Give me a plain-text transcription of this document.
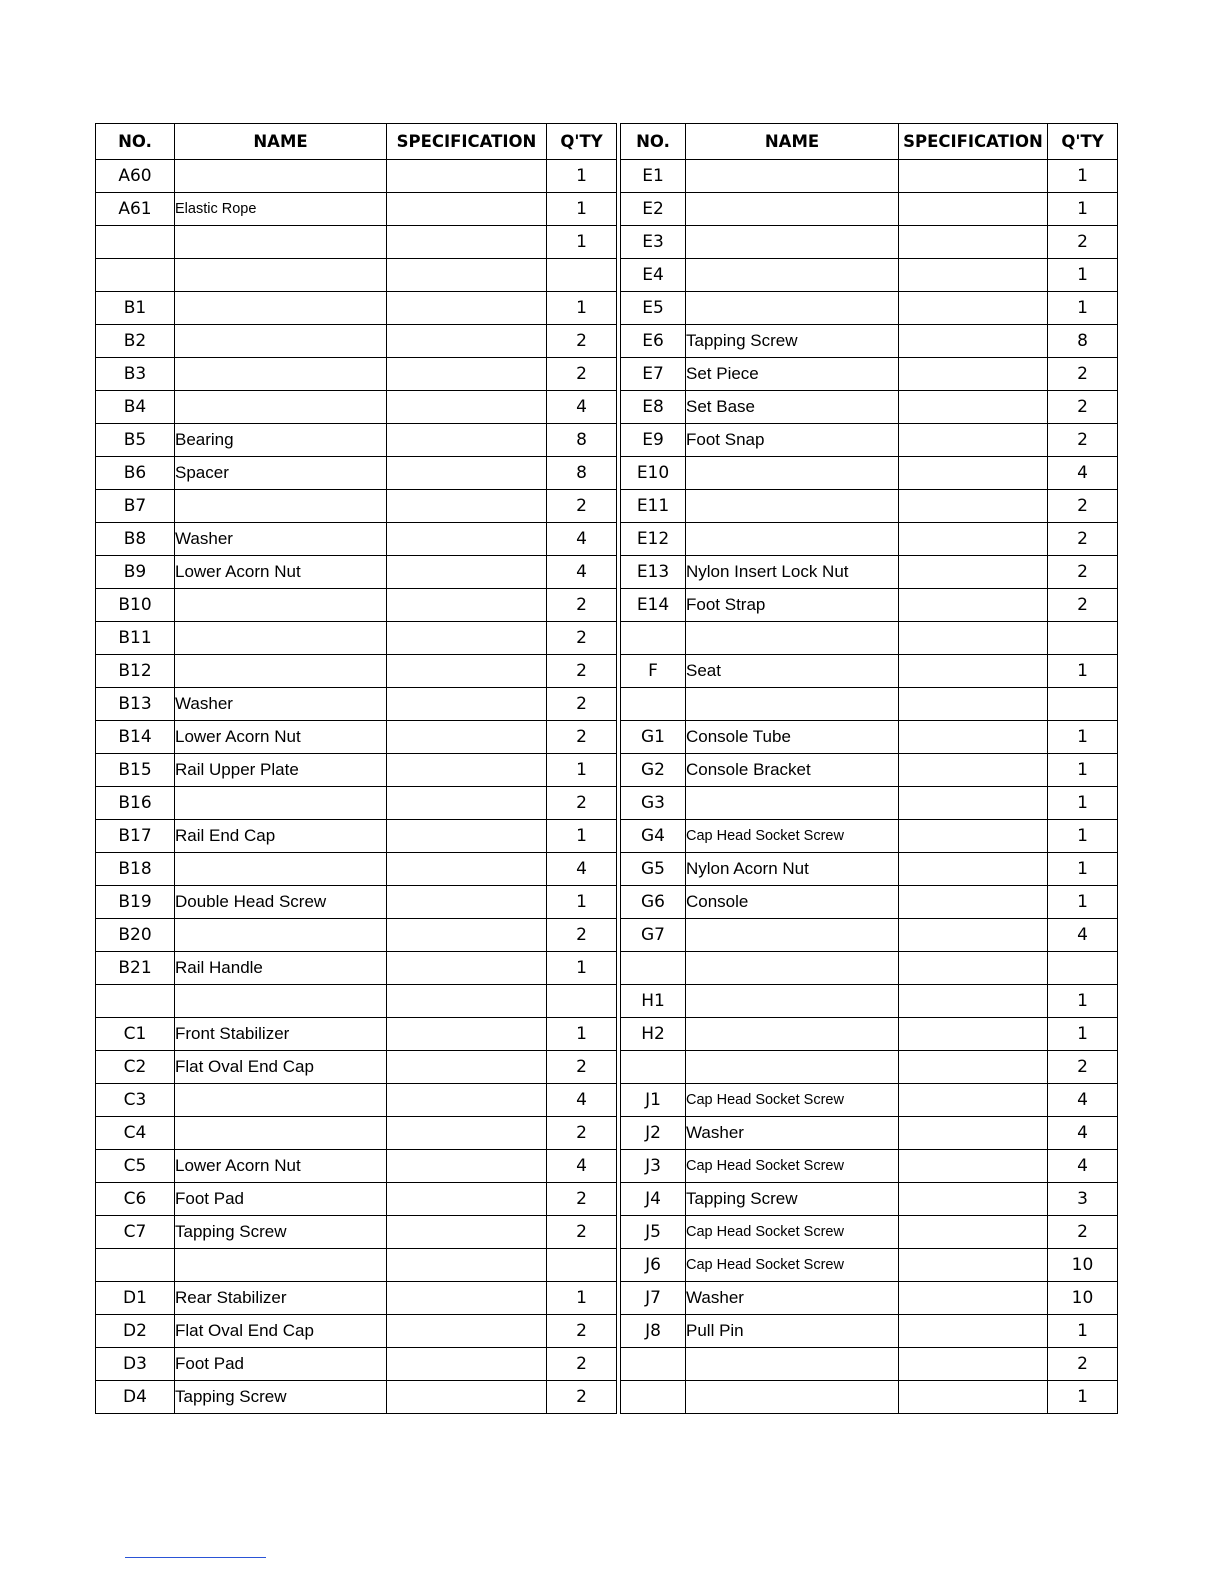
NO.	NAME	SPECIFICATION	Q'TY
A60			1
A61	Elastic Rope		1
			1

B1			1
B2			2
B3			2
B4			4
B5	Bearing		8
B6	Spacer		8
B7			2
B8	Washer		4
B9	Lower Acorn Nut		4
B10			2
B11			2
B12			2
B13	Washer		2
B14	Lower Acorn Nut		2
B15	Rail Upper Plate		1
B16			2
B17	Rail End Cap		1
B18			4
B19	Double Head Screw		1
B20			2
B21	Rail Handle		1

C1	Front Stabilizer		1
C2	Flat Oval End Cap		2
C3			4
C4			2
C5	Lower Acorn Nut		4
C6	Foot Pad		2
C7	Tapping Screw		2

D1	Rear Stabilizer		1
D2	Flat Oval End Cap		2
D3	Foot Pad		2
D4	Tapping Screw		2
NO.	NAME	SPECIFICATION	Q'TY
E1			1
E2			1
E3			2
E4			1
E5			1
E6	Tapping Screw		8
E7	Set Piece		2
E8	Set Base		2
E9	Foot Snap		2
E10			4
E11			2
E12			2
E13	Nylon Insert Lock Nut		2
E14	Foot Strap		2

F	Seat		1

G1	Console Tube		1
G2	Console Bracket		1
G3			1
G4	Cap Head Socket Screw		1
G5	Nylon Acorn Nut		1
G6	Console		1
G7			4

H1			1
H2			1
			2
J1	Cap Head Socket Screw		4
J2	Washer		4
J3	Cap Head Socket Screw		4
J4	Tapping Screw		3
J5	Cap Head Socket Screw		2
J6	Cap Head Socket Screw		10
J7	Washer		10
J8	Pull Pin		1
			2
			1
